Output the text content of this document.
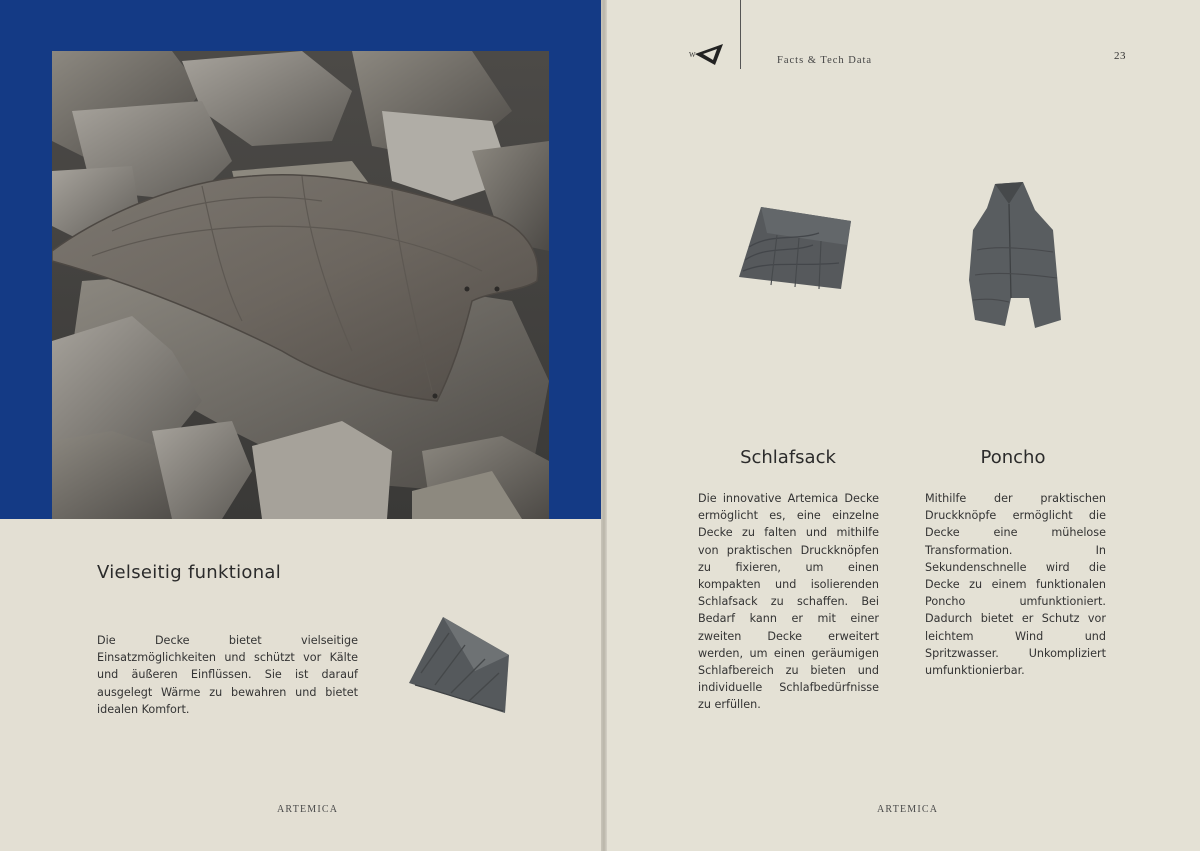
Vielseitig funktional

Die Decke bietet vielseitige Einsatzmöglichkeiten und schützt vor Kälte und äußeren Einflüssen. Sie ist darauf ausgelegt Wärme zu bewahren und bietet idealen Komfort.

ARTEMICA
W	Facts & Tech Data	23
Schlafsack	Poncho

Die innovative Artemica Decke ermöglicht es, eine einzelne Decke zu falten und mithilfe von praktischen Druckknöpfen zu fixieren, um einen kompakten und isolierenden Schlafsack zu schaffen. Bei Bedarf kann er mit einer zweiten Decke erweitert werden, um einen geräumigen Schlafbereich zu bieten und individuelle Schlafbedürfnisse zu erfüllen.

Mithilfe der praktischen Druckknöpfe ermöglicht die Decke eine mühelose Transformation. In Sekundenschnelle wird die Decke zu einem funktionalen Poncho umfunktioniert. Dadurch bietet er Schutz vor leichtem Wind und Spritzwasser. Unkompliziert umfunktionierbar.

ARTEMICA
